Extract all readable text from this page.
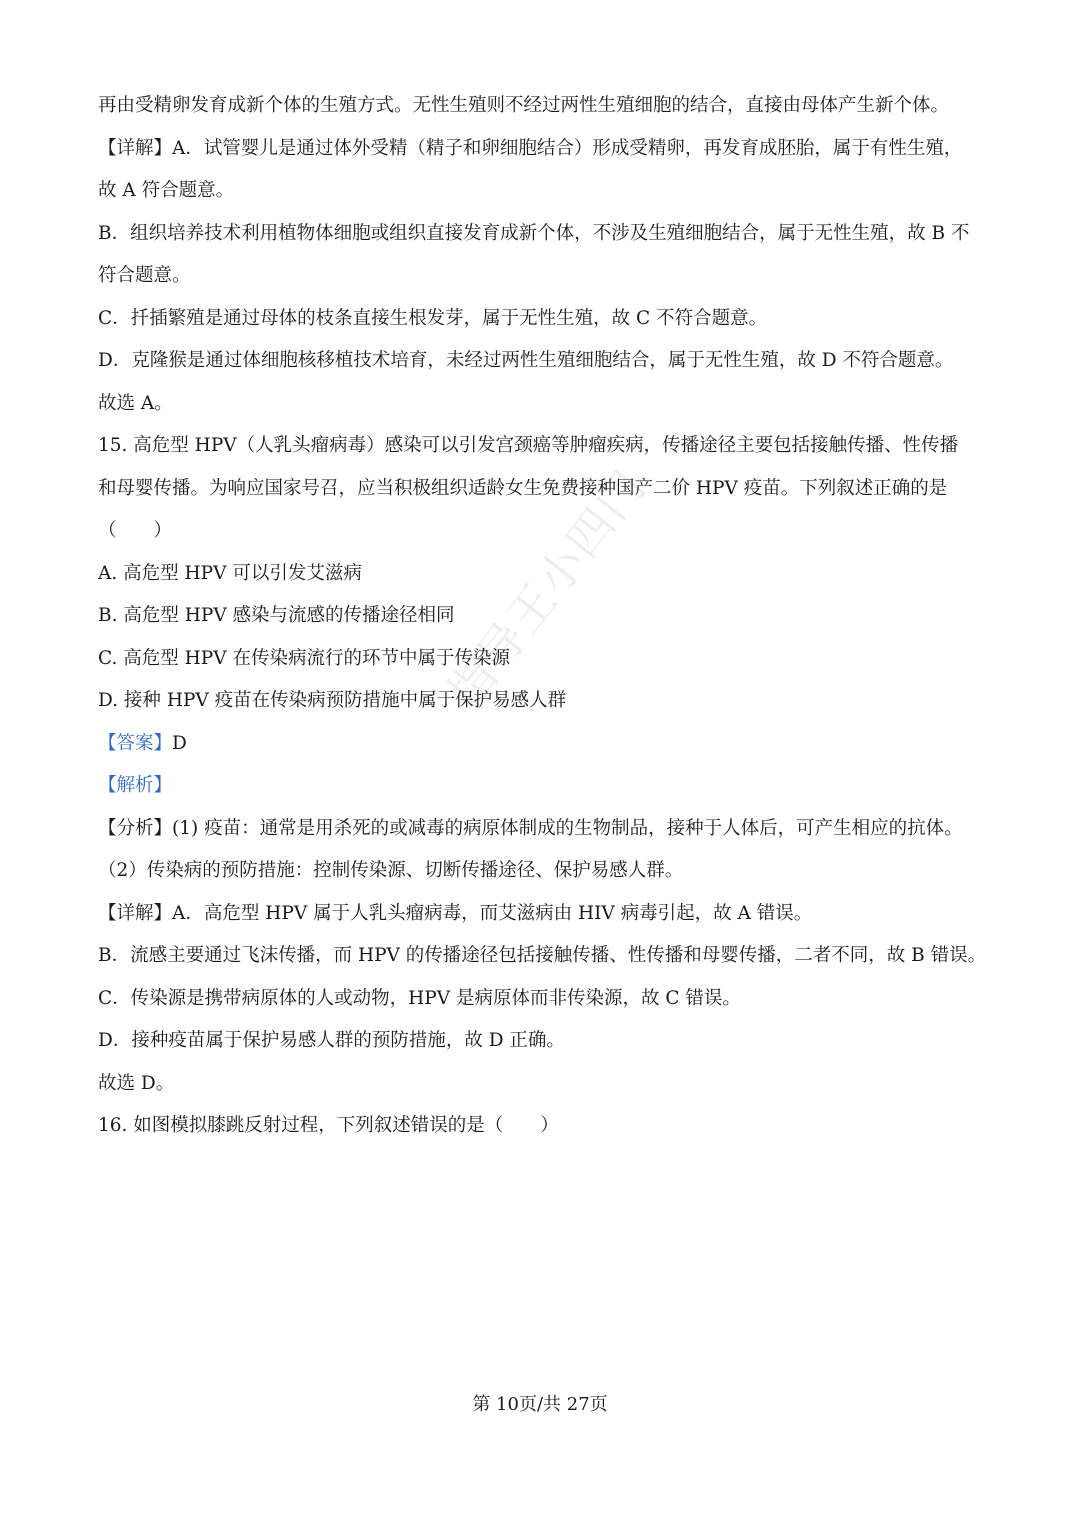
再由受精卵发育成新个体的生殖方式。无性生殖则不经过两性生殖细胞的结合，直接由母体产生新个体。
【详解】A．试管婴儿是通过体外受精（精子和卵细胞结合）形成受精卵，再发育成胚胎，属于有性生殖，
故 A 符合题意。
B．组织培养技术利用植物体细胞或组织直接发育成新个体，不涉及生殖细胞结合，属于无性生殖，故 B 不
符合题意。
C．扦插繁殖是通过母体的枝条直接生根发芽，属于无性生殖，故 C 不符合题意。
D．克隆猴是通过体细胞核移植技术培育，未经过两性生殖细胞结合，属于无性生殖，故 D 不符合题意。
故选 A。
15. 高危型 HPV（人乳头瘤病毒）感染可以引发宫颈癌等肿瘤疾病，传播途径主要包括接触传播、性传播
和母婴传播。为响应国家号召，应当积极组织适龄女生免费接种国产二价 HPV 疫苗。下列叙述正确的是
（　　）
A. 高危型 HPV 可以引发艾滋病
B. 高危型 HPV 感染与流感的传播途径相同
C. 高危型 HPV 在传染病流行的环节中属于传染源
D. 接种 HPV 疫苗在传染病预防措施中属于保护易感人群
【答案】D
【解析】
【分析】(1) 疫苗：通常是用杀死的或减毒的病原体制成的生物制品，接种于人体后，可产生相应的抗体。
（2）传染病的预防措施：控制传染源、切断传播途径、保护易感人群。
【详解】A．高危型 HPV 属于人乳头瘤病毒，而艾滋病由 HIV 病毒引起，故 A 错误。
B．流感主要通过飞沫传播，而 HPV 的传播途径包括接触传播、性传播和母婴传播，二者不同，故 B 错误。
C．传染源是携带病原体的人或动物，HPV 是病原体而非传染源，故 C 错误。
D．接种疫苗属于保护易感人群的预防措施，故 D 正确。
故选 D。
16. 如图模拟膝跳反射过程，下列叙述错误的是（　　）
指导王小四门
第 10页/共 27页
